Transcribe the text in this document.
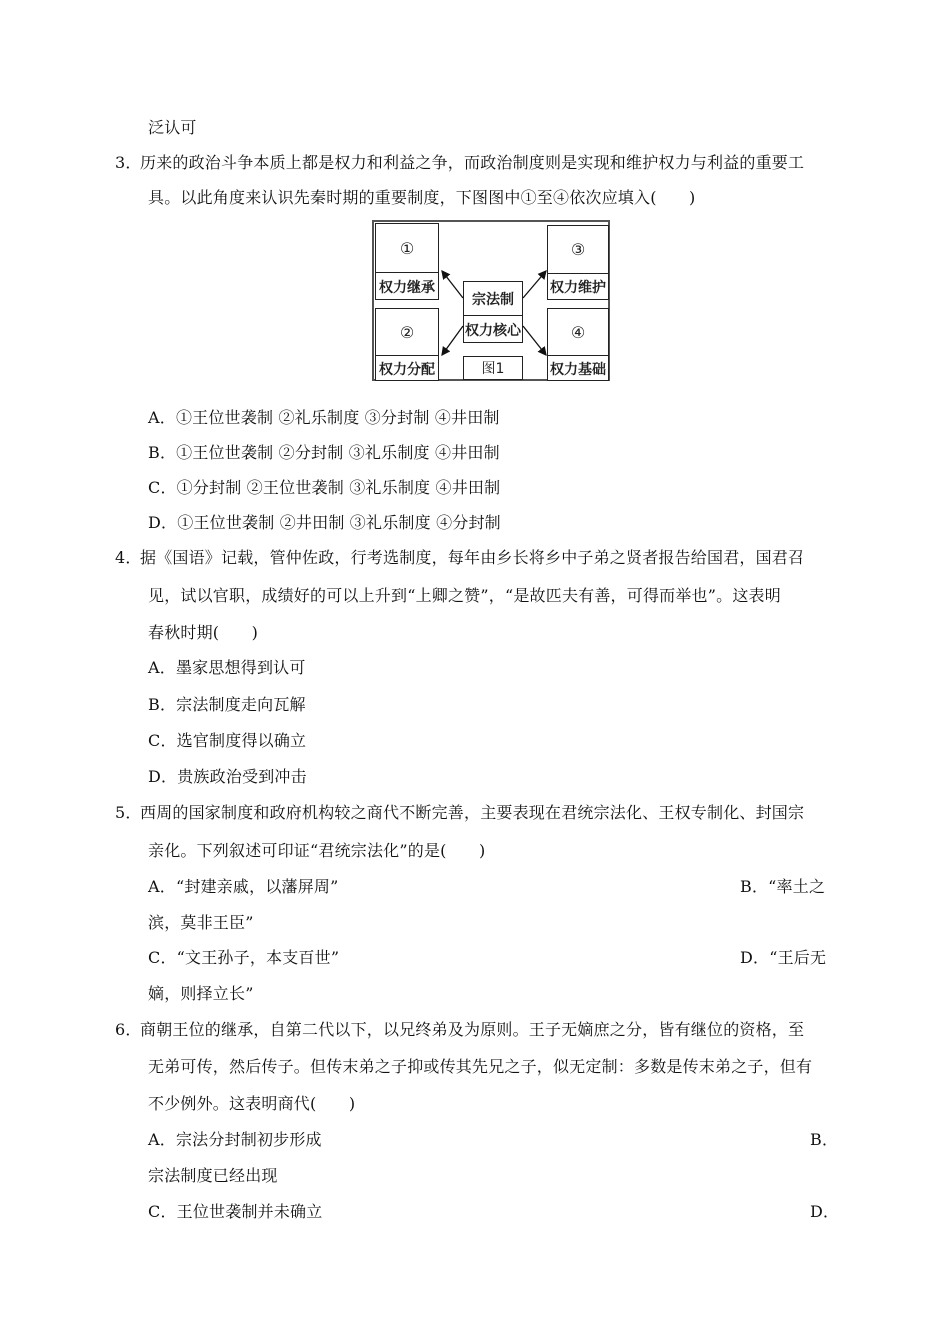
泛认可
3．
历来的政治斗争本质上都是权力和利益之争，而政治制度则是实现和维护权力与利益的重要工
具。以此角度来认识先秦时期的重要制度，下图图中①至④依次应填入(　　)
①
权力继承
②
权力分配
宗法制
权力核心
图1
③
权力维护
④
权力基础
A．①王位世袭制 ②礼乐制度 ③分封制 ④井田制
B．①王位世袭制 ②分封制 ③礼乐制度 ④井田制
C．①分封制 ②王位世袭制 ③礼乐制度 ④井田制
D．①王位世袭制 ②井田制 ③礼乐制度 ④分封制
4．
据《国语》记载，管仲佐政，行考选制度，每年由乡长将乡中子弟之贤者报告给国君，国君召
见，试以官职，成绩好的可以上升到“上卿之赞”，“是故匹夫有善，可得而举也”。这表明
春秋时期(　　)
A．墨家思想得到认可
B．宗法制度走向瓦解
C．选官制度得以确立
D．贵族政治受到冲击
5．
西周的国家制度和政府机构较之商代不断完善，主要表现在君统宗法化、王权专制化、封国宗
亲化。下列叙述可印证“君统宗法化”的是(　　)
A．“封建亲戚，以藩屏周”	B．“率土之
滨，莫非王臣”
C．“文王孙子，本支百世”	D．“王后无
嫡，则择立长”
6．
商朝王位的继承，自第二代以下，以兄终弟及为原则。王子无嫡庶之分，皆有继位的资格，至
无弟可传，然后传子。但传末弟之子抑或传其先兄之子，似无定制：多数是传末弟之子，但有
不少例外。这表明商代(　　)
A．宗法分封制初步形成	B．
宗法制度已经出现
C．王位世袭制并未确立	D．
